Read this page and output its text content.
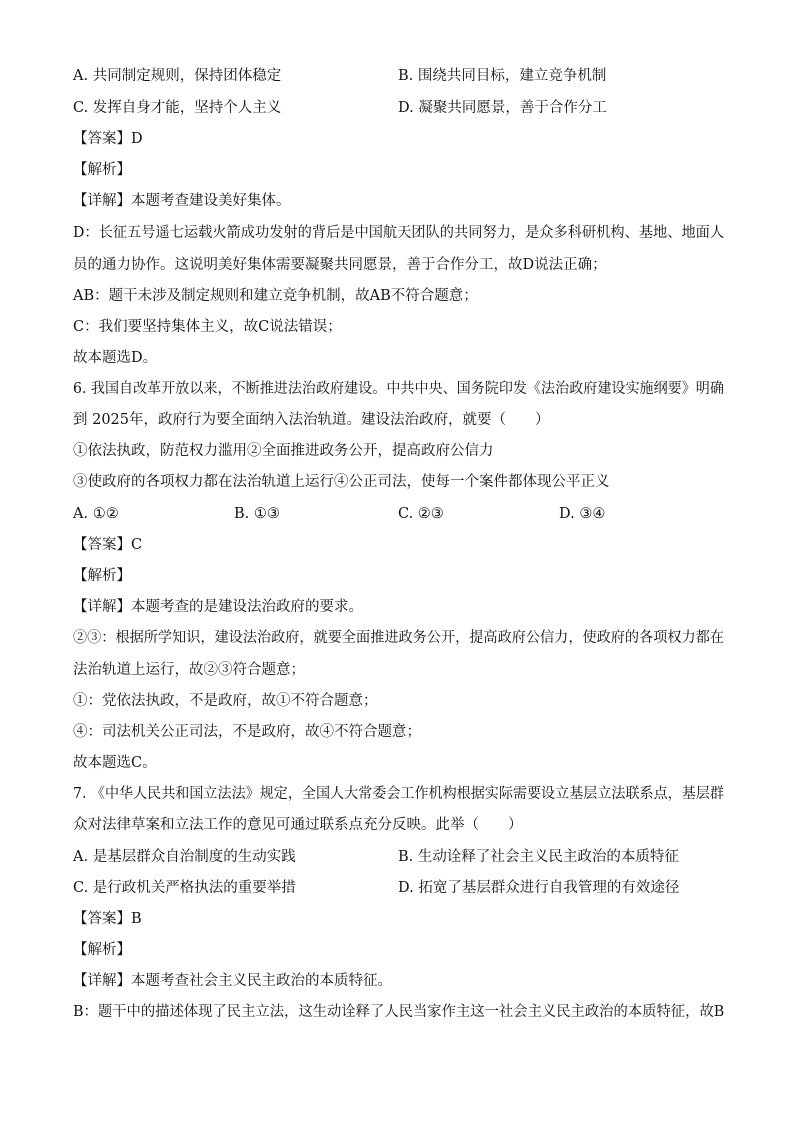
A. 共同制定规则，保持团体稳定	B. 围绕共同目标，建立竞争机制
C. 发挥自身才能，坚持个人主义	D. 凝聚共同愿景，善于合作分工
【答案】D
【解析】
【详解】本题考查建设美好集体。
D：长征五号遥七运载火箭成功发射的背后是中国航天团队的共同努力，是众多科研机构、基地、地面人
员的通力协作。这说明美好集体需要凝聚共同愿景，善于合作分工，故D说法正确；
AB：题干未涉及制定规则和建立竞争机制，故AB不符合题意；
C：我们要坚持集体主义，故C说法错误；
故本题选D。
6. 我国自改革开放以来，不断推进法治政府建设。中共中央、国务院印发《法治政府建设实施纲要》明确
到 2025年，政府行为要全面纳入法治轨道。建设法治政府，就要（　　）
①依法执政，防范权力滥用②全面推进政务公开，提高政府公信力
③使政府的各项权力都在法治轨道上运行④公正司法，使每一个案件都体现公平正义
A. ①②	B. ①③	C. ②③	D. ③④
【答案】C
【解析】
【详解】本题考查的是建设法治政府的要求。
②③：根据所学知识，建设法治政府，就要全面推进政务公开，提高政府公信力，使政府的各项权力都在
法治轨道上运行，故②③符合题意；
①：党依法执政，不是政府，故①不符合题意；
④：司法机关公正司法，不是政府，故④不符合题意；
故本题选C。
7. 《中华人民共和国立法法》规定，全国人大常委会工作机构根据实际需要设立基层立法联系点，基层群
众对法律草案和立法工作的意见可通过联系点充分反映。此举（　　）
A. 是基层群众自治制度的生动实践	B. 生动诠释了社会主义民主政治的本质特征
C. 是行政机关严格执法的重要举措	D. 拓宽了基层群众进行自我管理的有效途径
【答案】B
【解析】
【详解】本题考查社会主义民主政治的本质特征。
B：题干中的描述体现了民主立法，这生动诠释了人民当家作主这一社会主义民主政治的本质特征，故B
